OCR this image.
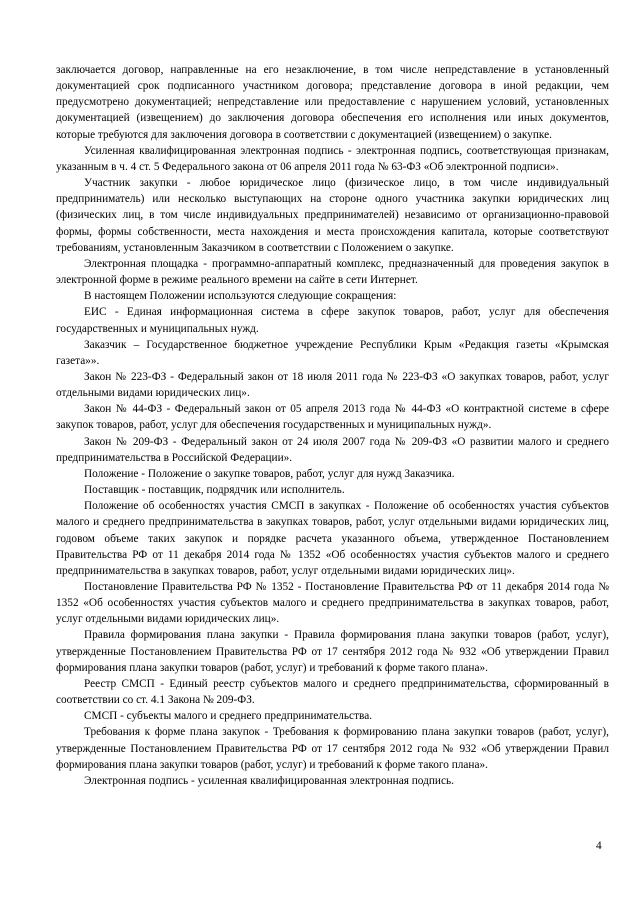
заключается договор, направленные на его незаключение, в том числе непредставление в установленный документацией срок подписанного участником договора; представление договора в иной редакции, чем предусмотрено документацией; непредставление или предоставление с нарушением условий, установленных документацией (извещением) до заключения договора обеспечения его исполнения или иных документов, которые требуются для заключения договора в соответствии с документацией (извещением) о закупке.

Усиленная квалифицированная электронная подпись - электронная подпись, соответствующая признакам, указанным в ч. 4 ст. 5 Федерального закона от 06 апреля 2011 года № 63-ФЗ «Об электронной подписи».

Участник закупки - любое юридическое лицо (физическое лицо, в том числе индивидуальный предприниматель) или несколько выступающих на стороне одного участника закупки юридических лиц (физических лиц, в том числе индивидуальных предпринимателей) независимо от организационно-правовой формы, формы собственности, места нахождения и места происхождения капитала, которые соответствуют требованиям, установленным Заказчиком в соответствии с Положением о закупке.

Электронная площадка - программно-аппаратный комплекс, предназначенный для проведения закупок в электронной форме в режиме реального времени на сайте в сети Интернет.

В настоящем Положении используются следующие сокращения:

ЕИС - Единая информационная система в сфере закупок товаров, работ, услуг для обеспечения государственных и муниципальных нужд.

Заказчик – Государственное бюджетное учреждение Республики Крым «Редакция газеты «Крымская газета»».

Закон № 223-ФЗ - Федеральный закон от 18 июля 2011 года № 223-ФЗ «О закупках товаров, работ, услуг отдельными видами юридических лиц».

Закон № 44-ФЗ - Федеральный закон от 05 апреля 2013 года № 44-ФЗ «О контрактной системе в сфере закупок товаров, работ, услуг для обеспечения государственных и муниципальных нужд».

Закон № 209-ФЗ - Федеральный закон от 24 июля 2007 года № 209-ФЗ «О развитии малого и среднего предпринимательства в Российской Федерации».

Положение - Положение о закупке товаров, работ, услуг для нужд Заказчика.

Поставщик - поставщик, подрядчик или исполнитель.

Положение об особенностях участия СМСП в закупках - Положение об особенностях участия субъектов малого и среднего предпринимательства в закупках товаров, работ, услуг отдельными видами юридических лиц, годовом объеме таких закупок и порядке расчета указанного объема, утвержденное Постановлением Правительства РФ от 11 декабря 2014 года № 1352 «Об особенностях участия субъектов малого и среднего предпринимательства в закупках товаров, работ, услуг отдельными видами юридических лиц».

Постановление Правительства РФ № 1352 - Постановление Правительства РФ от 11 декабря 2014 года № 1352 «Об особенностях участия субъектов малого и среднего предпринимательства в закупках товаров, работ, услуг отдельными видами юридических лиц».

Правила формирования плана закупки - Правила формирования плана закупки товаров (работ, услуг), утвержденные Постановлением Правительства РФ от 17 сентября 2012 года № 932 «Об утверждении Правил формирования плана закупки товаров (работ, услуг) и требований к форме такого плана».

Реестр СМСП - Единый реестр субъектов малого и среднего предпринимательства, сформированный в соответствии со ст. 4.1 Закона № 209-ФЗ.

СМСП - субъекты малого и среднего предпринимательства.

Требования к форме плана закупок - Требования к формированию плана закупки товаров (работ, услуг), утвержденные Постановлением Правительства РФ от 17 сентября 2012 года № 932 «Об утверждении Правил формирования плана закупки товаров (работ, услуг) и требований к форме такого плана».

Электронная подпись - усиленная квалифицированная электронная подпись.

4
